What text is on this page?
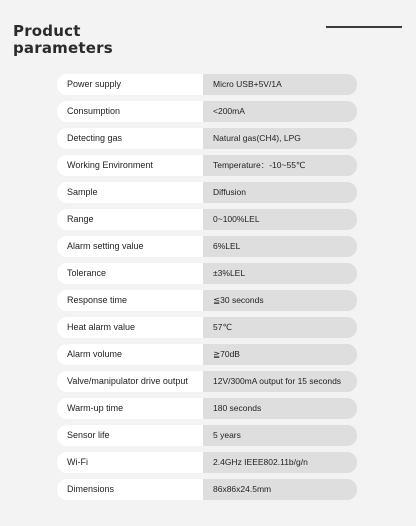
Product
parameters
Power supply	Micro USB+5V/1A
Consumption	<200mA
Detecting gas	Natural gas(CH4), LPG
Working Environment	Temperature：-10~55℃
Sample	Diffusion
Range	0~100%LEL
Alarm setting value	6%LEL
Tolerance	±3%LEL
Response time	≦30 seconds
Heat alarm value	57℃
Alarm volume	≧70dB
Valve/manipulator drive output	12V/300mA output for 15 seconds
Warm-up time	180 seconds
Sensor life	5 years
Wi-Fi	2.4GHz IEEE802.11b/g/n
Dimensions	86x86x24.5mm
